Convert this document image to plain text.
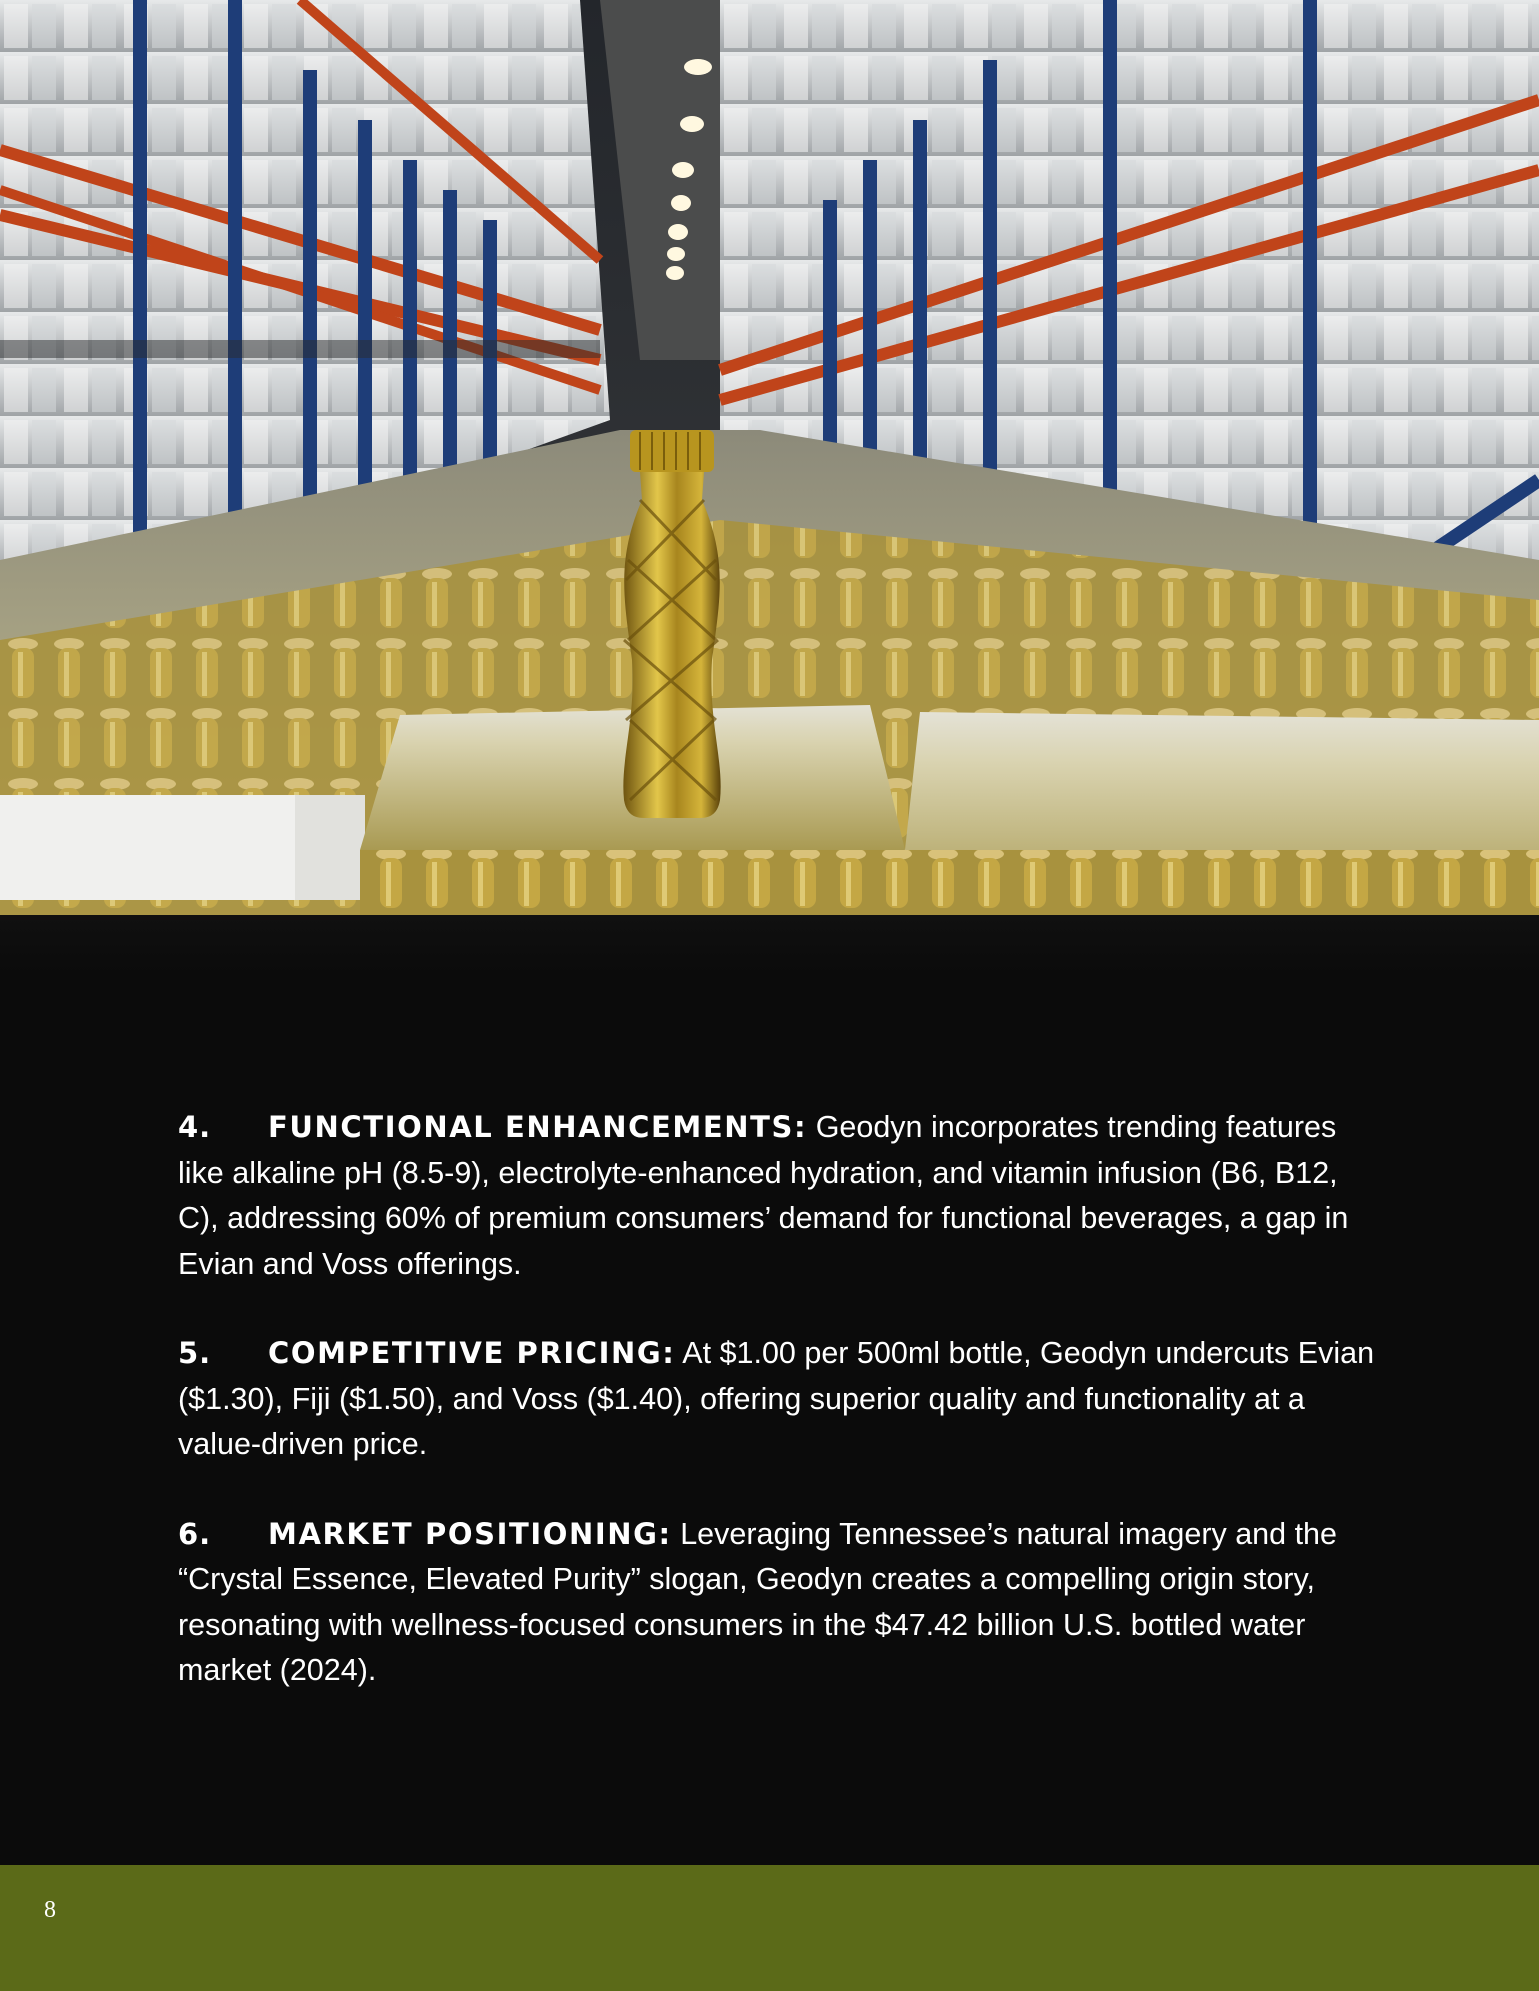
4. FUNCTIONAL ENHANCEMENTS: Geodyn incorporates trending features like alkaline pH (8.5-9), electrolyte-enhanced hydration, and vitamin infusion (B6, B12, C), addressing 60% of premium consumers’ demand for functional beverages, a gap in Evian and Voss offerings.

5. COMPETITIVE PRICING: At $1.00 per 500ml bottle, Geodyn undercuts Evian ($1.30), Fiji ($1.50), and Voss ($1.40), offering superior quality and functionality at a value-driven price.

6. MARKET POSITIONING: Leveraging Tennessee’s natural imagery and the “Crystal Essence, Elevated Purity” slogan, Geodyn creates a compelling origin story, resonating with wellness-focused consumers in the $47.42 billion U.S. bottled water market (2024).

8
